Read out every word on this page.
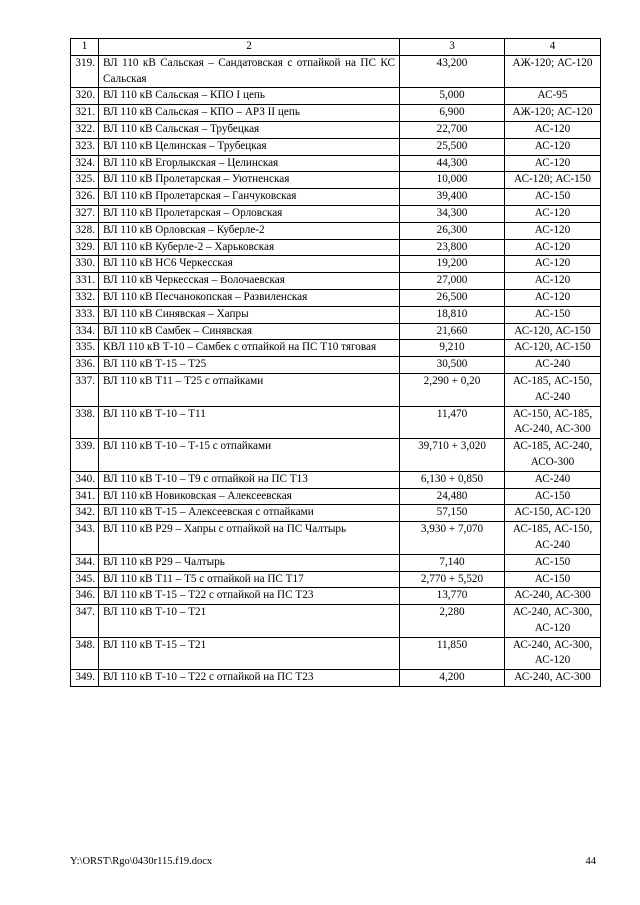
1	2	3	4
319.	ВЛ 110 кВ Сальская – Сандатовская с отпайкой на ПС КС Сальская	43,200	АЖ-120; АС-120
320.	ВЛ 110 кВ Сальская – КПО I цепь	5,000	АС-95
321.	ВЛ 110 кВ Сальская – КПО – АРЗ II цепь	6,900	АЖ-120; АС-120
322.	ВЛ 110 кВ Сальская – Трубецкая	22,700	АС-120
323.	ВЛ 110 кВ Целинская – Трубецкая	25,500	АС-120
324.	ВЛ 110 кВ Егорлыкская – Целинская	44,300	АС-120
325.	ВЛ 110 кВ Пролетарская – Уютненская	10,000	АС-120; АС-150
326.	ВЛ 110 кВ Пролетарская – Ганчуковская	39,400	АС-150
327.	ВЛ 110 кВ Пролетарская – Орловская	34,300	АС-120
328.	ВЛ 110 кВ Орловская – Куберле-2	26,300	АС-120
329.	ВЛ 110 кВ Куберле-2 – Харьковская	23,800	АС-120
330.	ВЛ 110 кВ НС6 Черкесская	19,200	АС-120
331.	ВЛ 110 кВ Черкесская – Волочаевская	27,000	АС-120
332.	ВЛ 110 кВ Песчанокопская – Развиленская	26,500	АС-120
333.	ВЛ 110 кВ Синявская – Хапры	18,810	АС-150
334.	ВЛ 110 кВ Самбек – Синявская	21,660	АС-120, АС-150
335.	КВЛ 110 кВ Т-10 – Самбек с отпайкой на ПС Т10 тяговая	9,210	АС-120, АС-150
336.	ВЛ 110 кВ Т-15 – Т25	30,500	АС-240
337.	ВЛ 110 кВ Т11 – Т25 с отпайками	2,290 + 0,20	АС-185, АС-150, АС-240
338.	ВЛ 110 кВ Т-10 – Т11	11,470	АС-150, АС-185, АС-240, АС-300
339.	ВЛ 110 кВ Т-10 – Т-15 с отпайками	39,710 + 3,020	АС-185, АС-240, АСО-300
340.	ВЛ 110 кВ Т-10 – Т9 с отпайкой на ПС Т13	6,130 + 0,850	АС-240
341.	ВЛ 110 кВ Новиковская – Алексеевская	24,480	АС-150
342.	ВЛ 110 кВ Т-15 – Алексеевская с отпайками	57,150	АС-150, АС-120
343.	ВЛ 110 кВ Р29 – Хапры с отпайкой на ПС Чалтырь	3,930 + 7,070	АС-185, АС-150, АС-240
344.	ВЛ 110 кВ Р29 – Чалтырь	7,140	АС-150
345.	ВЛ 110 кВ Т11 – Т5 с отпайкой на ПС Т17	2,770 + 5,520	АС-150
346.	ВЛ 110 кВ Т-15 – Т22 с отпайкой на ПС Т23	13,770	АС-240, АС-300
347.	ВЛ 110 кВ Т-10 – Т21	2,280	АС-240, АС-300, АС-120
348.	ВЛ 110 кВ Т-15 – Т21	11,850	АС-240, АС-300, АС-120
349.	ВЛ 110 кВ Т-10 – Т22 с отпайкой на ПС Т23	4,200	АС-240, АС-300
Y:\ORST\Rgo\0430r115.f19.docx	44
